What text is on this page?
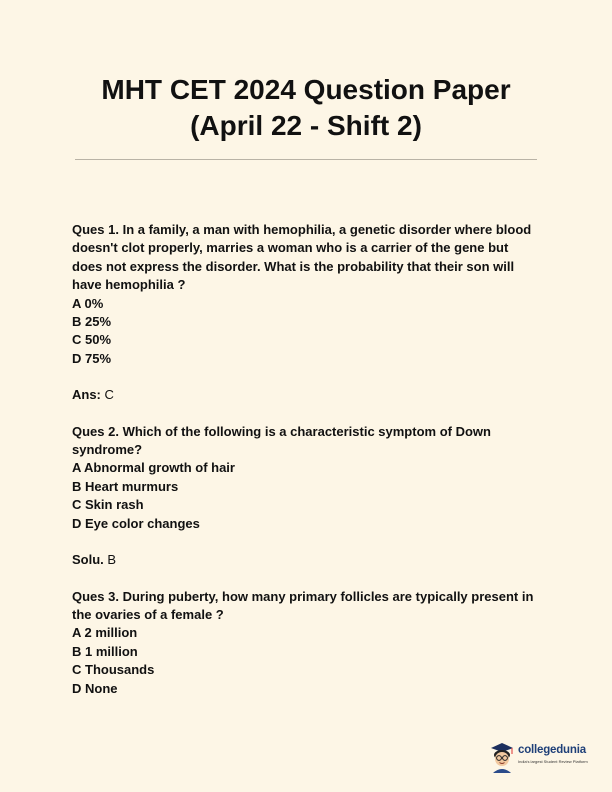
MHT CET 2024 Question Paper
(April 22 - Shift 2)
Ques 1. In a family, a man with hemophilia, a genetic disorder where blood doesn't clot properly, marries a woman who is a carrier of the gene but does not express the disorder. What is the probability that their son will have hemophilia ?
A 0%
B 25%
C 50%
D 75%
Ans: C
Ques 2. Which of the following is a characteristic symptom of Down syndrome?
A Abnormal growth of hair
B Heart murmurs
C Skin rash
D Eye color changes
Solu. B
Ques 3. During puberty, how many primary follicles are typically present in the ovaries of a female ?
A 2 million
B 1 million
C Thousands
D None
collegedunia
India's largest Student Review Platform
